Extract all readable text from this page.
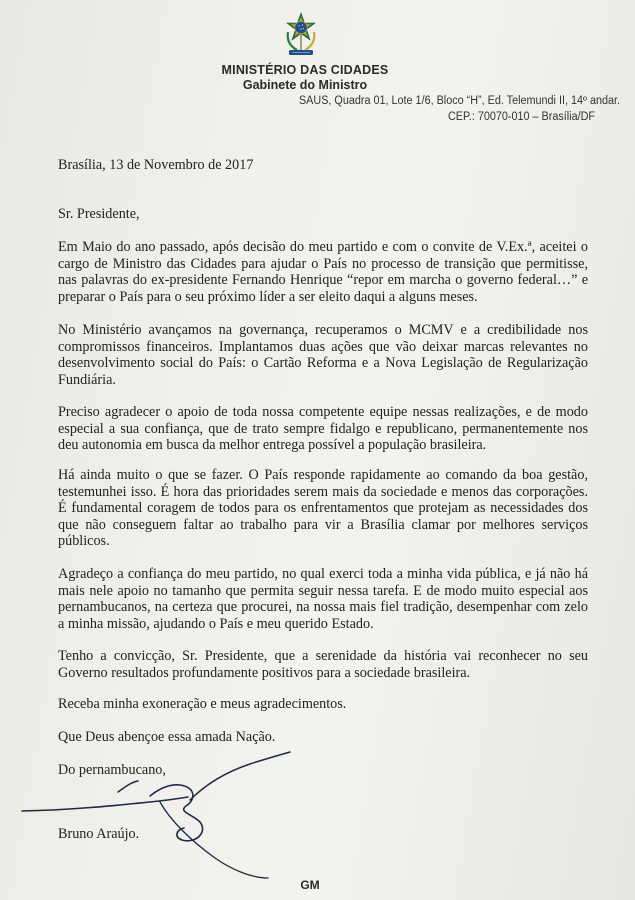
MINISTÉRIO DAS CIDADES
Gabinete do Ministro
SAUS, Quadra 01, Lote 1/6, Bloco “H”, Ed. Telemundi II, 14º andar.
CEP.: 70070-010 – Brasília/DF
Brasília, 13 de Novembro de 2017
Sr. Presidente,
Em Maio do ano passado, após decisão do meu partido e com o convite de V.Ex.ª, aceitei o cargo de Ministro das Cidades para ajudar o País no processo de transição que permitisse, nas palavras do ex-presidente Fernando Henrique “repor em marcha o governo federal…” e preparar o País para o seu próximo líder a ser eleito daqui a alguns meses.
No Ministério avançamos na governança, recuperamos o MCMV e a credibilidade nos compromissos financeiros. Implantamos duas ações que vão deixar marcas relevantes no desenvolvimento social do País: o Cartão Reforma e a Nova Legislação de Regularização Fundiária.
Preciso agradecer o apoio de toda nossa competente equipe nessas realizações, e de modo especial a sua confiança, que de trato sempre fidalgo e republicano, permanentemente nos deu autonomia em busca da melhor entrega possível a população brasileira.
Há ainda muito o que se fazer. O País responde rapidamente ao comando da boa gestão, testemunhei isso. É hora das prioridades serem mais da sociedade e menos das corporações. É fundamental coragem de todos para os enfrentamentos que protejam as necessidades dos que não conseguem faltar ao trabalho para vir a Brasília clamar por melhores serviços públicos.
Agradeço a confiança do meu partido, no qual exerci toda a minha vida pública, e já não há mais nele apoio no tamanho que permita seguir nessa tarefa. E de modo muito especial aos pernambucanos, na certeza que procurei, na nossa mais fiel tradição, desempenhar com zelo a minha missão, ajudando o País e meu querido Estado.
Tenho a convicção, Sr. Presidente, que a serenidade da história vai reconhecer no seu Governo resultados profundamente positivos para a sociedade brasileira.
Receba minha exoneração e meus agradecimentos.
Que Deus abençoe essa amada Nação.
Do pernambucano,
Bruno Araújo.
GM
